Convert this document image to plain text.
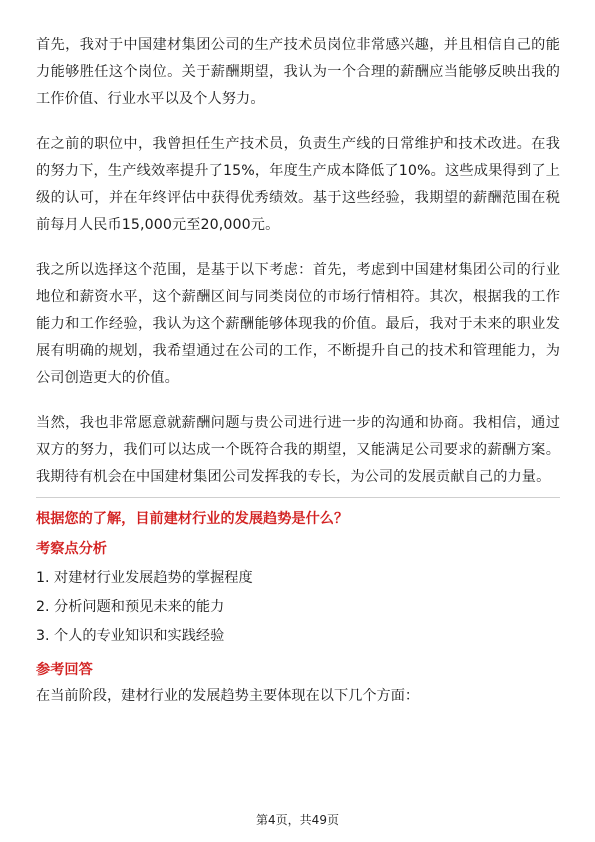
首先，我对于中国建材集团公司的生产技术员岗位非常感兴趣，并且相信自己的能力能够胜任这个岗位。关于薪酬期望，我认为一个合理的薪酬应当能够反映出我的工作价值、行业水平以及个人努力。

在之前的职位中，我曾担任生产技术员，负责生产线的日常维护和技术改进。在我的努力下，生产线效率提升了15%，年度生产成本降低了10%。这些成果得到了上级的认可，并在年终评估中获得优秀绩效。基于这些经验，我期望的薪酬范围在税前每月人民币15,000元至20,000元。

我之所以选择这个范围，是基于以下考虑：首先，考虑到中国建材集团公司的行业地位和薪资水平，这个薪酬区间与同类岗位的市场行情相符。其次，根据我的工作能力和工作经验，我认为这个薪酬能够体现我的价值。最后，我对于未来的职业发展有明确的规划，我希望通过在公司的工作，不断提升自己的技术和管理能力，为公司创造更大的价值。

当然，我也非常愿意就薪酬问题与贵公司进行进一步的沟通和协商。我相信，通过双方的努力，我们可以达成一个既符合我的期望，又能满足公司要求的薪酬方案。我期待有机会在中国建材集团公司发挥我的专长，为公司的发展贡献自己的力量。

根据您的了解，目前建材行业的发展趋势是什么？
考察点分析
1. 对建材行业发展趋势的掌握程度
2. 分析问题和预见未来的能力
3. 个人的专业知识和实践经验
参考回答

在当前阶段，建材行业的发展趋势主要体现在以下几个方面：

第4页，共49页
